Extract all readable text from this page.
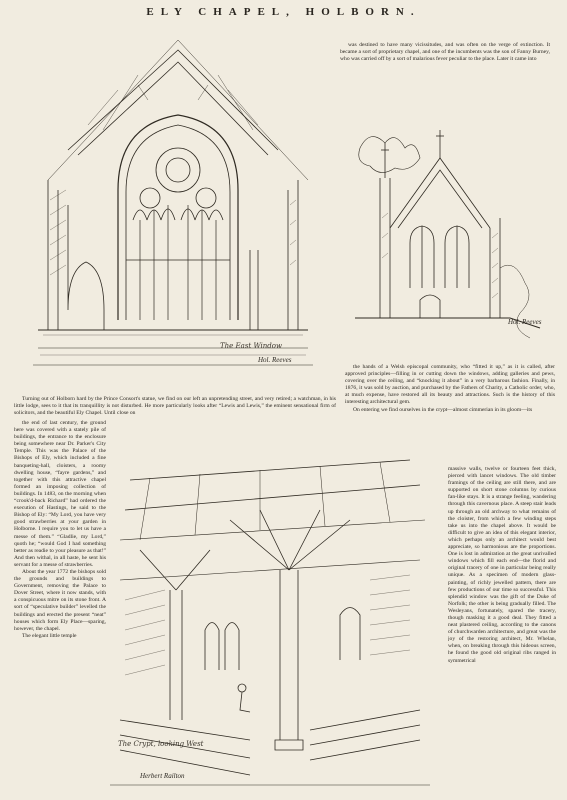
ELY CHAPEL, HOLBORN.
The East Window
Hol. Reeves

was destined to have many vicissitudes, and was often on the verge of extinction. It became a sort of proprietary chapel, and one of the incumbents was the son of Fanny Burney, who was carried off by a sort of malarious fever peculiar to the place. Later it came into

Hol. Reeves

Turning out of Holborn hard by the Prince Consort's statue, we find on our left an unpretending street, and very retired; a watchman, in his little lodge, sees to it that its tranquillity is not disturbed. He more particularly looks after “Lewis and Lewis,” the eminent sensational firm of solicitors, and the beautiful Ely Chapel. Until close on

the hands of a Welsh episcopal community, who “fitted it up,” as it is called, after approved principles—filling in or cutting down the windows, adding galleries and pews, covering over the ceiling, and “knocking it about” in a very barbarous fashion. Finally, in 1876, it was sold by auction, and purchased by the Fathers of Charity, a Catholic order, who, at much expense, have restored all its beauty and attractions. Such is the history of this interesting architectural gem.

On entering we find ourselves in the crypt—almost cimmerian in its gloom—its

the end of last century, the ground here was covered with a stately pile of buildings, the entrance to the enclosure being somewhere near Dr. Parker's City Temple. This was the Palace of the Bishops of Ely, which included a fine banqueting-hall, cloisters, a roomy dwelling house, “fayre gardens,” and together with this attractive chapel formed an imposing collection of buildings. In 1483, on the morning when “crook'd-back Richard” had ordered the execution of Hastings, he said to the Bishop of Ely: “My Lord, you have very good strawberries at your garden in Holborne. I require you to let us have a messe of them.” “Gladlie, my Lord,” quoth he; “would God I had something better as readie to your pleasure as that!” And then withal, in all haste, he sent his servant for a messe of strawberries.

About the year 1772 the bishops sold the grounds and buildings to Government, removing the Palace to Dover Street, where it now stands, with a conspicuous mitre on its stone front. A sort of “speculative builder” levelled the buildings and erected the present “neat” houses which form Ely Place—sparing, however, the chapel.

The elegant little temple

The Crypt, looking West
Herbert Railton

massive walls, twelve or fourteen feet thick, pierced with lancet windows. The old timber framings of the ceiling are still there, and are supported on short stone columns by curious fan-like stays. It is a strange feeling, wandering through this cavernous place. A steep stair leads up through an old archway to what remains of the cloister, from which a few winding steps take us into the chapel above. It would be difficult to give an idea of this elegant interior, which perhaps only an architect would best appreciate, so harmonious are the proportions. One is lost in admiration at the great unrivalled windows which fill each end—the florid and original tracery of one in particular being really unique. As a specimen of modern glass-painting, of richly jewelled pattern, there are few productions of our time so successful. This splendid window was the gift of the Duke of Norfolk; the other is being gradually filled. The Wesleyans, fortunately, spared the tracery, though masking it a good deal. They fitted a neat plastered ceiling, according to the canons of churchwarden architecture, and great was the joy of the restoring architect, Mr. Whelan, when, on breaking through this hideous screen, he found the good old original ribs ranged in symmetrical
